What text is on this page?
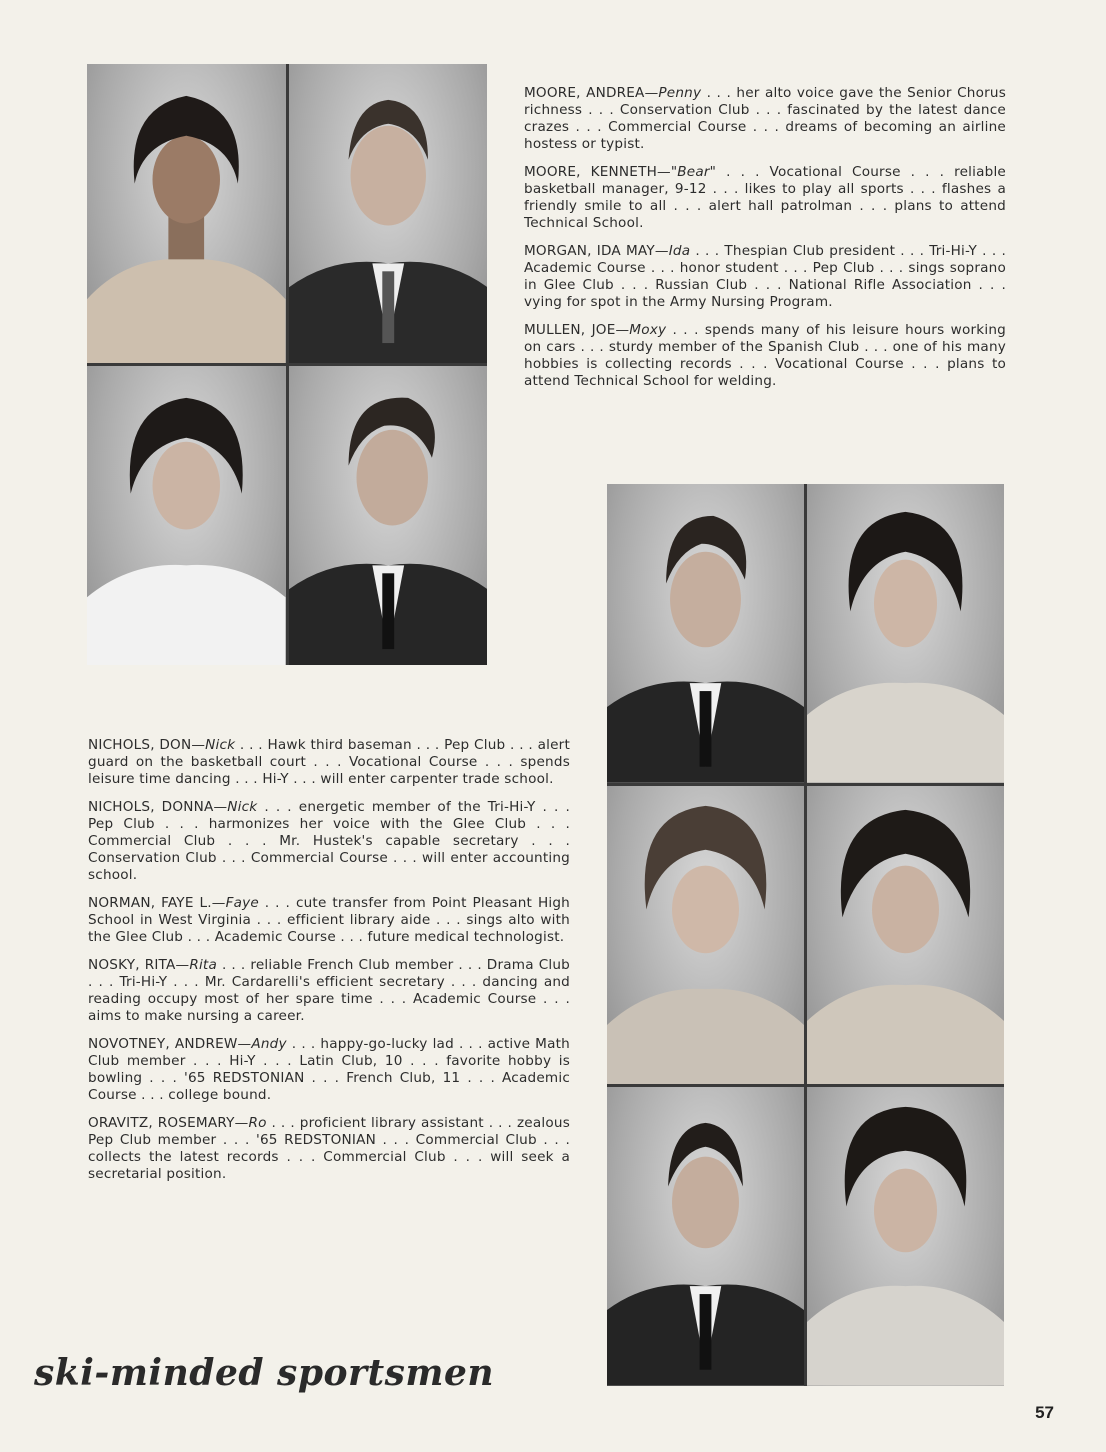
MOORE, ANDREA—Penny . . . her alto voice gave the Senior Chorus richness . . . Conservation Club . . . fascinated by the latest dance crazes . . . Commercial Course . . . dreams of becoming an airline hostess or typist.

MOORE, KENNETH—"Bear" . . . Vocational Course . . . reliable basketball manager, 9-12 . . . likes to play all sports . . . flashes a friendly smile to all . . . alert hall patrolman . . . plans to attend Technical School.

MORGAN, IDA MAY—Ida . . . Thespian Club president . . . Tri-Hi-Y . . . Academic Course . . . honor student . . . Pep Club . . . sings soprano in Glee Club . . . Russian Club . . . National Rifle Association . . . vying for spot in the Army Nursing Program.

MULLEN, JOE—Moxy . . . spends many of his leisure hours working on cars . . . sturdy member of the Spanish Club . . . one of his many hobbies is collecting records . . . Vocational Course . . . plans to attend Technical School for welding.

NICHOLS, DON—Nick . . . Hawk third baseman . . . Pep Club . . . alert guard on the basketball court . . . Vocational Course . . . spends leisure time dancing . . . Hi-Y . . . will enter carpenter trade school.

NICHOLS, DONNA—Nick . . . energetic member of the Tri-Hi-Y . . . Pep Club . . . harmonizes her voice with the Glee Club . . . Commercial Club . . . Mr. Hustek's capable secretary . . . Conservation Club . . . Commercial Course . . . will enter accounting school.

NORMAN, FAYE L.—Faye . . . cute transfer from Point Pleasant High School in West Virginia . . . efficient library aide . . . sings alto with the Glee Club . . . Academic Course . . . future medical technologist.

NOSKY, RITA—Rita . . . reliable French Club member . . . Drama Club . . . Tri-Hi-Y . . . Mr. Cardarelli's efficient secretary . . . dancing and reading occupy most of her spare time . . . Academic Course . . . aims to make nursing a career.

NOVOTNEY, ANDREW—Andy . . . happy-go-lucky lad . . . active Math Club member . . . Hi-Y . . . Latin Club, 10 . . . favorite hobby is bowling . . . '65 REDSTONIAN . . . French Club, 11 . . . Academic Course . . . college bound.

ORAVITZ, ROSEMARY—Ro . . . proficient library assistant . . . zealous Pep Club member . . . '65 REDSTONIAN . . . Commercial Club . . . collects the latest records . . . Commercial Club . . . will seek a secretarial position.

ski-minded sportsmen
57
